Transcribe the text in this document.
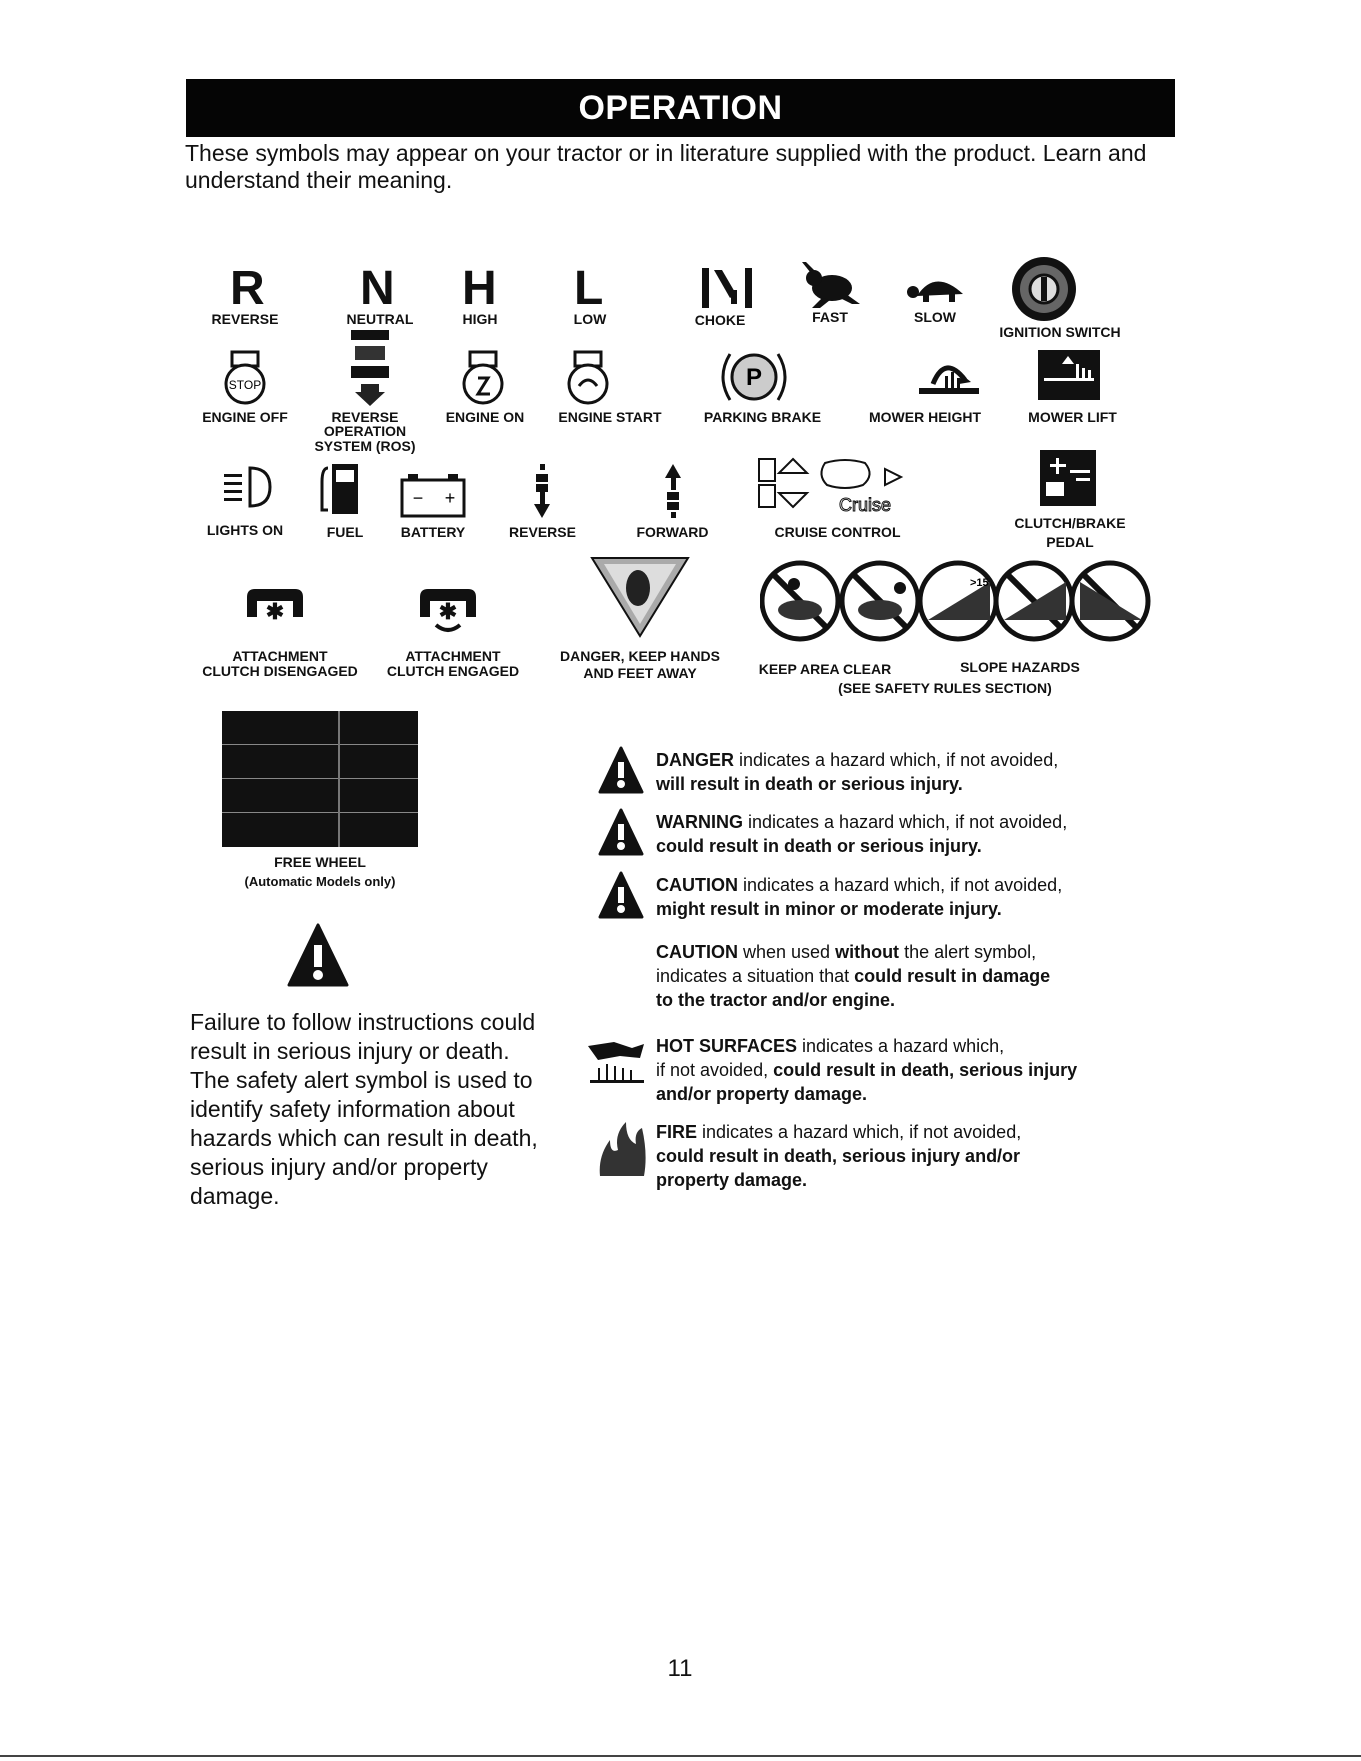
OPERATION
These symbols may appear on your tractor or in literature supplied with the product. Learn and understand their meaning.
R
REVERSE
N
NEUTRAL
H
HIGH
L
LOW	CHOKE	FAST	SLOW
IGNITION SWITCH
STOP
ENGINE OFF	REVERSE
OPERATION
SYSTEM (ROS)
ENGINE ON	ENGINE START
P
PARKING BRAKE	MOWER HEIGHT	MOWER LIFT
LIGHTS ON	FUEL
− +
BATTERY	REVERSE	FORWARD
Cruise
CRUISE CONTROL
CLUTCH/BRAKE
PEDAL
✱
ATTACHMENT
CLUTCH DISENGAGED
✱
ATTACHMENT
CLUTCH ENGAGED
DANGER, KEEP HANDS
AND FEET AWAY	KEEP AREA CLEAR
>15
SLOPE HAZARDS
(SEE SAFETY RULES SECTION)
FREE WHEEL
(Automatic Models only)
Failure to follow instructions could result in serious injury or death. The safety alert symbol is used to identify safety information about hazards which can result in death, serious injury and/or property damage.
DANGER indicates a hazard which, if not avoided,
will result in death or serious injury.
WARNING indicates a hazard which, if not avoided,
could result in death or serious injury.
CAUTION indicates a hazard which, if not avoided,
might result in minor or moderate injury.
CAUTION when used without the alert symbol,
indicates a situation that could result in damage
to the tractor and/or engine.
HOT SURFACES indicates a hazard which,
if not avoided, could result in death, serious injury
and/or property damage.
FIRE indicates a hazard which, if not avoided,
could result in death, serious injury and/or
property damage.
11
